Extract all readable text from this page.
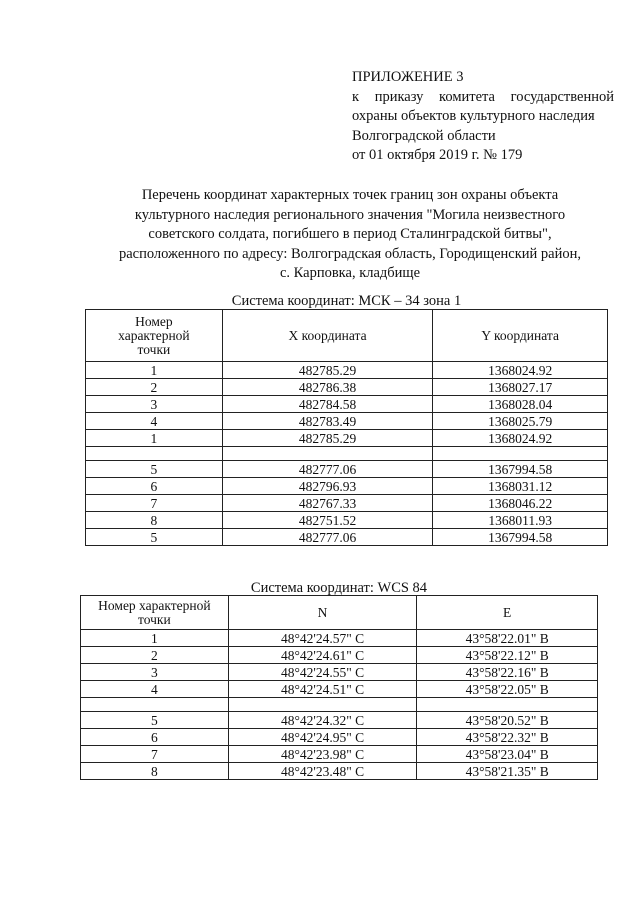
ПРИЛОЖЕНИЕ 3
к приказу комитета государственной
охраны объектов культурного наследия
Волгоградской области
от 01 октября 2019 г. № 179
Перечень координат характерных точек границ зон охраны объекта
культурного наследия регионального значения "Могила неизвестного
советского солдата, погибшего в период Сталинградской битвы",
расположенного по адресу: Волгоградская область, Городищенский район,
с. Карповка, кладбище
Система координат: МСК – 34 зона 1
Номер
характерной
точки	X координата	Y координата
1	482785.29	1368024.92
2	482786.38	1368027.17
3	482784.58	1368028.04
4	482783.49	1368025.79
1	482785.29	1368024.92

5	482777.06	1367994.58
6	482796.93	1368031.12
7	482767.33	1368046.22
8	482751.52	1368011.93
5	482777.06	1367994.58
Система координат: WCS 84
Номер характерной
точки	N	E
1	48°42'24.57" С	43°58'22.01" В
2	48°42'24.61" С	43°58'22.12" В
3	48°42'24.55" С	43°58'22.16" В
4	48°42'24.51" С	43°58'22.05" В

5	48°42'24.32" С	43°58'20.52" В
6	48°42'24.95" С	43°58'22.32" В
7	48°42'23.98" С	43°58'23.04" В
8	48°42'23.48" С	43°58'21.35" В
